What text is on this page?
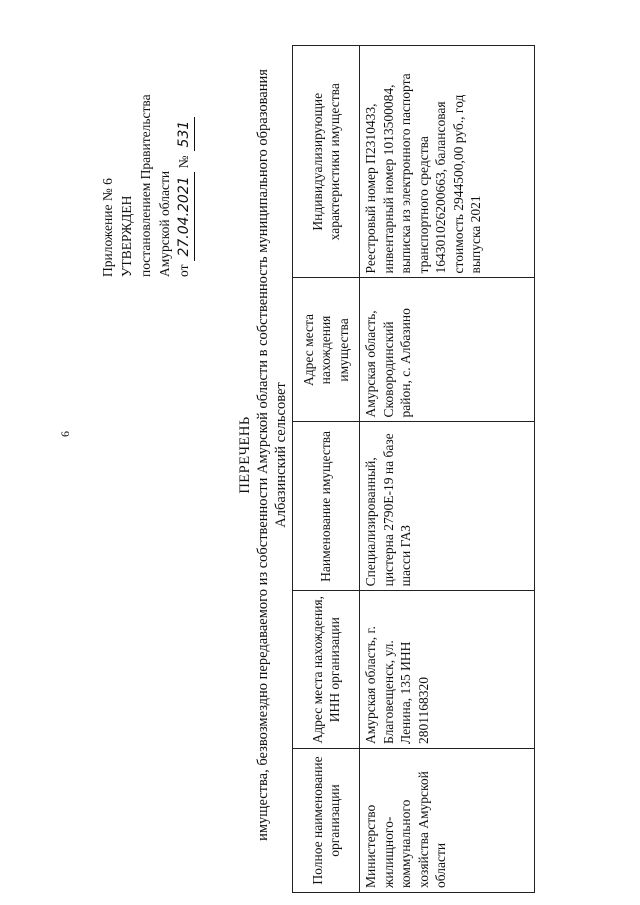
6
Приложение № 6 УТВЕРЖДЕН постановлением Правительства Амурской области от
27.04.2021
№
531
ПЕРЕЧЕНЬ имущества, безвозмездно передаваемого из собственности Амурской области в собственность муниципального образования Албазинский сельсовет
Полное наименование организации	Адрес места нахождения, ИНН организации	Наименование имущества	Адрес места нахождения имущества	Индивидуализирующие характеристики имущества
Министерство жилищного-коммунального хозяйства Амурской области	Амурская область, г. Благовещенск, ул. Ленина, 135 ИНН 2801168320	Специализированный, цистерна 2790E-19 на базе шасси ГАЗ	Амурская область, Сковородинский район, с. Албазино	Реестровый номер П2310433, инвентарный номер 1013500084, выписка из электронного паспорта транспортного средства 164301026200663, балансовая стоимость 2944500,00 руб., год выпуска 2021
